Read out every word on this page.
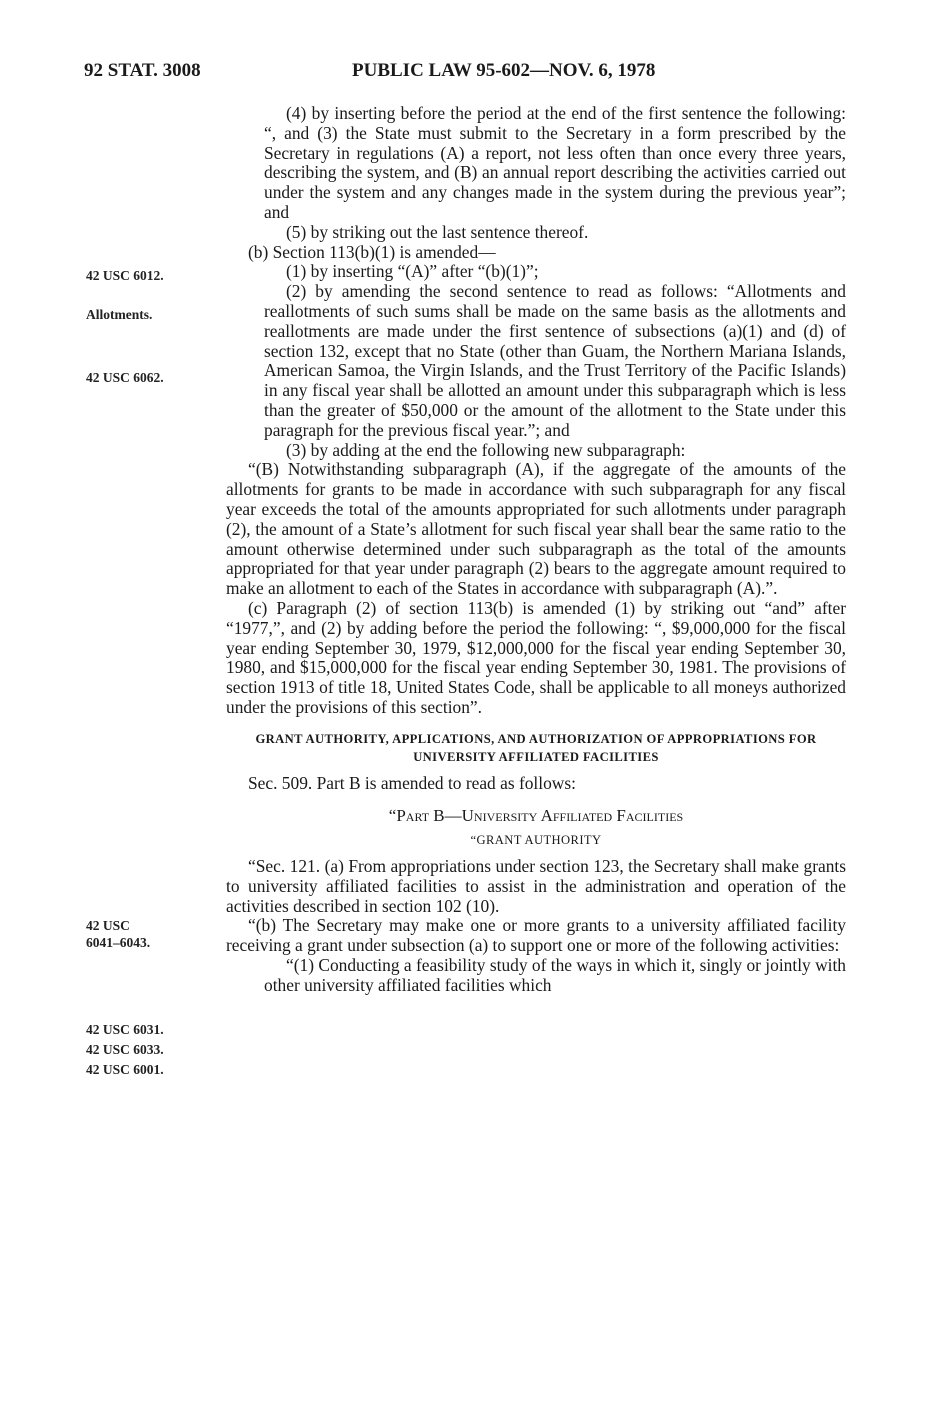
92 STAT. 3008	PUBLIC LAW 95-602—NOV. 6, 1978
42 USC 6012.
Allotments.
42 USC 6062.
42 USC
6041–6043.
42 USC 6031.
42 USC 6033.
42 USC 6001.

(4) by inserting before the period at the end of the first sentence the following: “, and (3) the State must submit to the Secretary in a form prescribed by the Secretary in regulations (A) a report, not less often than once every three years, describing the system, and (B) an annual report describing the activities carried out under the system and any changes made in the system during the previous year”; and

(5) by striking out the last sentence thereof.

(b) Section 113(b)(1) is amended—

(1) by inserting “(A)” after “(b)(1)”;

(2) by amending the second sentence to read as follows: “Allotments and reallotments of such sums shall be made on the same basis as the allotments and reallotments are made under the first sentence of subsections (a)(1) and (d) of section 132, except that no State (other than Guam, the Northern Mariana Islands, American Samoa, the Virgin Islands, and the Trust Territory of the Pacific Islands) in any fiscal year shall be allotted an amount under this subparagraph which is less than the greater of $50,000 or the amount of the allotment to the State under this paragraph for the previous fiscal year.”; and

(3) by adding at the end the following new subparagraph:

“(B) Notwithstanding subparagraph (A), if the aggregate of the amounts of the allotments for grants to be made in accordance with such subparagraph for any fiscal year exceeds the total of the amounts appropriated for such allotments under paragraph (2), the amount of a State’s allotment for such fiscal year shall bear the same ratio to the amount otherwise determined under such subparagraph as the total of the amounts appropriated for that year under paragraph (2) bears to the aggregate amount required to make an allotment to each of the States in accordance with subparagraph (A).”.

(c) Paragraph (2) of section 113(b) is amended (1) by striking out “and” after “1977,”, and (2) by adding before the period the following: “, $9,000,000 for the fiscal year ending September 30, 1979, $12,000,000 for the fiscal year ending September 30, 1980, and $15,000,000 for the fiscal year ending September 30, 1981. The provisions of section 1913 of title 18, United States Code, shall be applicable to all moneys authorized under the provisions of this section”.

GRANT AUTHORITY, APPLICATIONS, AND AUTHORIZATION OF APPROPRIATIONS FOR UNIVERSITY AFFILIATED FACILITIES

Sec. 509. Part B is amended to read as follows:

“Part B—University Affiliated Facilities

“GRANT AUTHORITY

“Sec. 121. (a) From appropriations under section 123, the Secretary shall make grants to university affiliated facilities to assist in the administration and operation of the activities described in section 102 (10).

“(b) The Secretary may make one or more grants to a university affiliated facility receiving a grant under subsection (a) to support one or more of the following activities:

“(1) Conducting a feasibility study of the ways in which it, singly or jointly with other university affiliated facilities which
